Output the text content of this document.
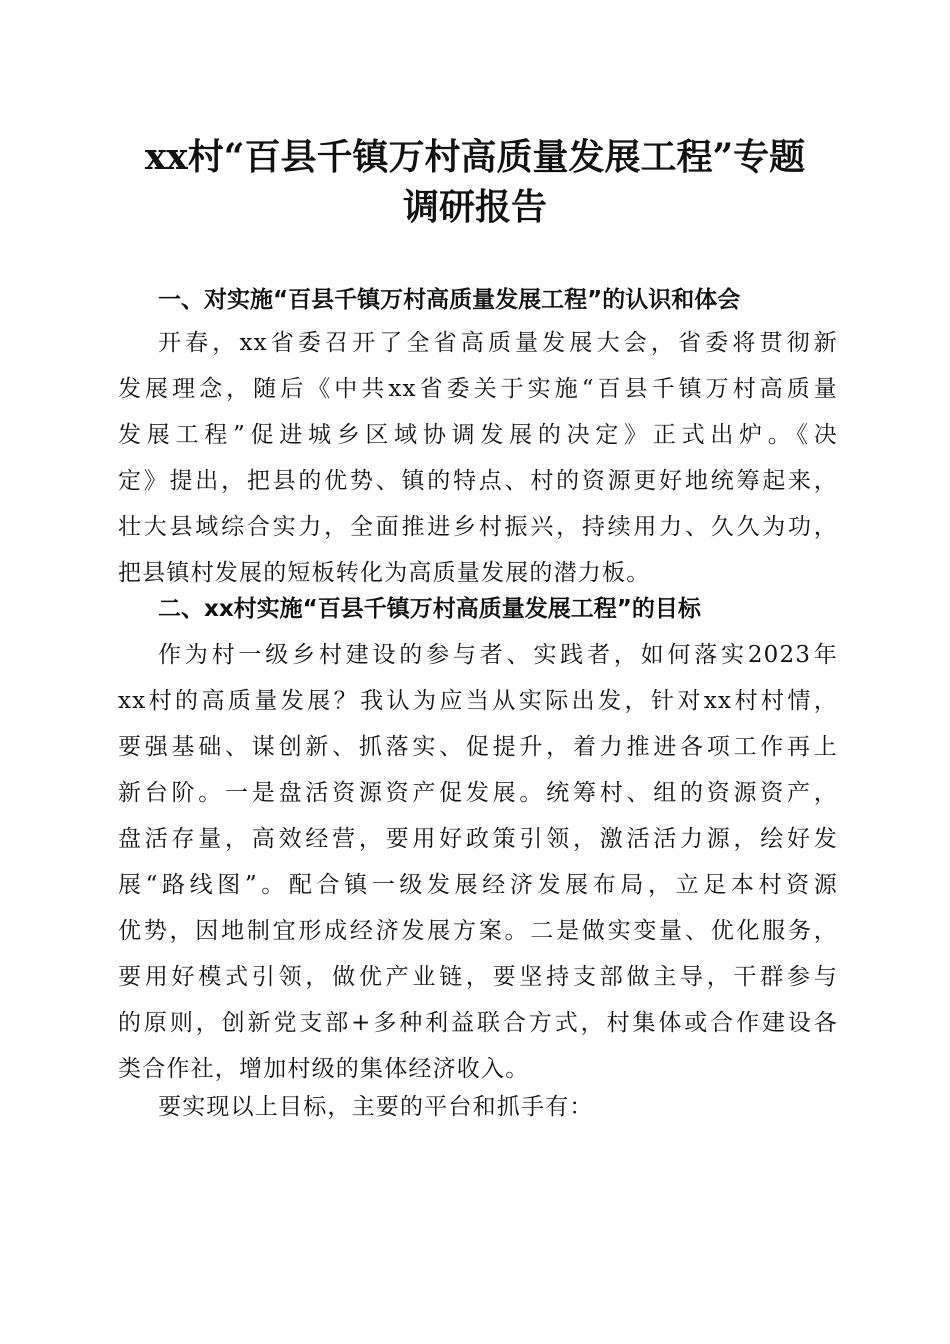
xx村“百县千镇万村高质量发展工程”专题
调研报告
一、对实施“百县千镇万村高质量发展工程”的认识和体会

开春，xx省委召开了全省高质量发展大会，省委将贯彻新
发展理念，随后《中共xx省委关于实施“百县千镇万村高质量
发展工程”促进城乡区域协调发展的决定》正式出炉。《决
定》提出，把县的优势、镇的特点、村的资源更好地统筹起来，
壮大县域综合实力，全面推进乡村振兴，持续用力、久久为功，
把县镇村发展的短板转化为高质量发展的潜力板。

二、xx村实施“百县千镇万村高质量发展工程”的目标

作为村一级乡村建设的参与者、实践者，如何落实2023年
xx村的高质量发展？我认为应当从实际出发，针对xx村村情，
要强基础、谋创新、抓落实、促提升，着力推进各项工作再上
新台阶。一是盘活资源资产促发展。统筹村、组的资源资产，
盘活存量，高效经营，要用好政策引领，激活活力源，绘好发
展“路线图”。配合镇一级发展经济发展布局，立足本村资源
优势，因地制宜形成经济发展方案。二是做实变量、优化服务，
要用好模式引领，做优产业链，要坚持支部做主导，干群参与
的原则，创新党支部+多种利益联合方式，村集体或合作建设各
类合作社，增加村级的集体经济收入。

要实现以上目标，主要的平台和抓手有：
